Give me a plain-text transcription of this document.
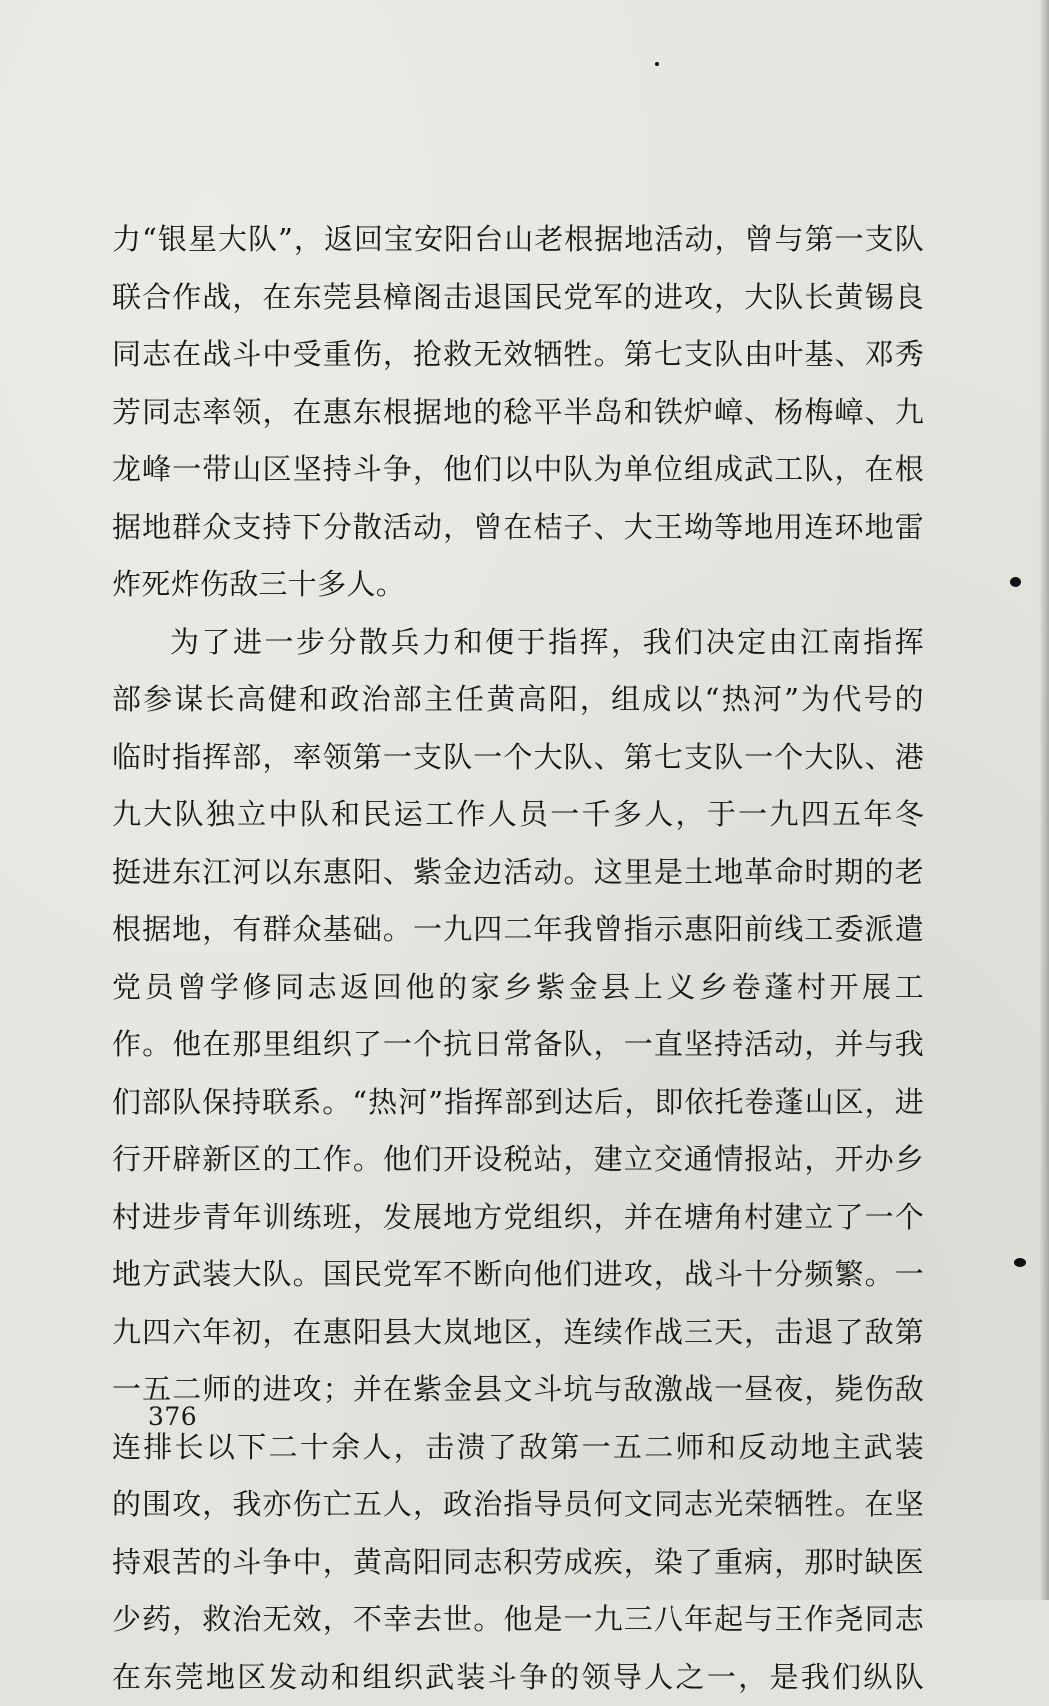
力“银星大队”，返回宝安阳台山老根据地活动，曾与第一支队
联合作战，在东莞县樟阁击退国民党军的进攻，大队长黄锡良
同志在战斗中受重伤，抢救无效牺牲。第七支队由叶基、邓秀
芳同志率领，在惠东根据地的稔平半岛和铁炉嶂、杨梅嶂、九
龙峰一带山区坚持斗争，他们以中队为单位组成武工队，在根
据地群众支持下分散活动，曾在桔子、大王坳等地用连环地雷
炸死炸伤敌三十多人。
为了进一步分散兵力和便于指挥，我们决定由江南指挥
部参谋长高健和政治部主任黄高阳，组成以“热河”为代号的
临时指挥部，率领第一支队一个大队、第七支队一个大队、港
九大队独立中队和民运工作人员一千多人，于一九四五年冬
挺进东江河以东惠阳、紫金边活动。这里是土地革命时期的老
根据地，有群众基础。一九四二年我曾指示惠阳前线工委派遣
党员曾学修同志返回他的家乡紫金县上义乡卷蓬村开展工
作。他在那里组织了一个抗日常备队，一直坚持活动，并与我
们部队保持联系。“热河”指挥部到达后，即依托卷蓬山区，进
行开辟新区的工作。他们开设税站，建立交通情报站，开办乡
村进步青年训练班，发展地方党组织，并在塘角村建立了一个
地方武装大队。国民党军不断向他们进攻，战斗十分频繁。一
九四六年初，在惠阳县大岚地区，连续作战三天，击退了敌第
一五二师的进攻；并在紫金县文斗坑与敌激战一昼夜，毙伤敌
连排长以下二十余人，击溃了敌第一五二师和反动地主武装
的围攻，我亦伤亡五人，政治指导员何文同志光荣牺牲。在坚
持艰苦的斗争中，黄高阳同志积劳成疾，染了重病，那时缺医
少药，救治无效，不幸去世。他是一九三八年起与王作尧同志
在东莞地区发动和组织武装斗争的领导人之一，是我们纵队
376
